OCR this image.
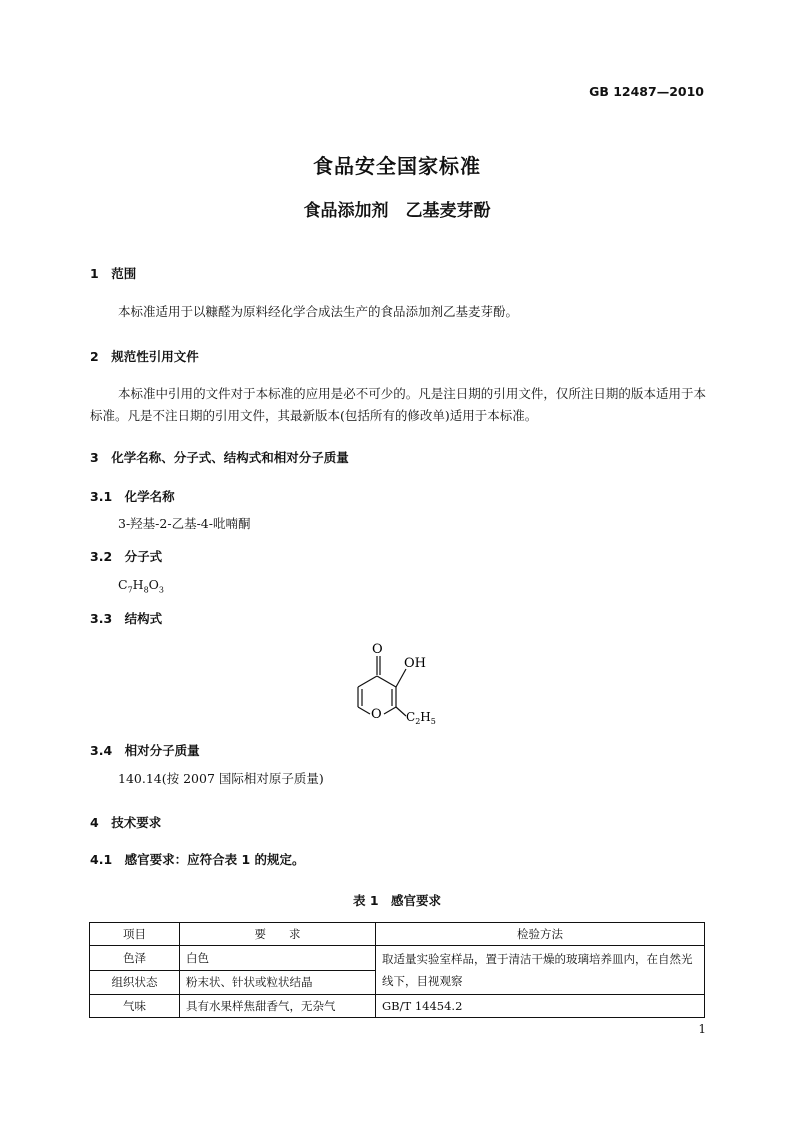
GB 12487—2010
食品安全国家标准
食品添加剂　乙基麦芽酚
1　范围
本标准适用于以糠醛为原料经化学合成法生产的食品添加剂乙基麦芽酚。
2　规范性引用文件
本标准中引用的文件对于本标准的应用是必不可少的。凡是注日期的引用文件，仅所注日期的版本适用于本标准。凡是不注日期的引用文件，其最新版本(包括所有的修改单)适用于本标准。
3　化学名称、分子式、结构式和相对分子质量
3.1　化学名称
3-羟基-2-乙基-4-吡喃酮
3.2　分子式
$C_7H_8O_3$
3.3　结构式
O
OH
O $C_2H_5$
3.4　相对分子质量
140.14(按 2007 国际相对原子质量)
4　技术要求
4.1　感官要求：应符合表 1 的规定。
表 1　感官要求
项目	要　　求	检验方法
色泽	白色	取适量实验室样品，置于清洁干燥的玻璃培养皿内，在自然光线下，目视观察
组织状态	粉末状、针状或粒状结晶	
气味	具有水果样焦甜香气，无杂气	GB/T 14454.2
1
